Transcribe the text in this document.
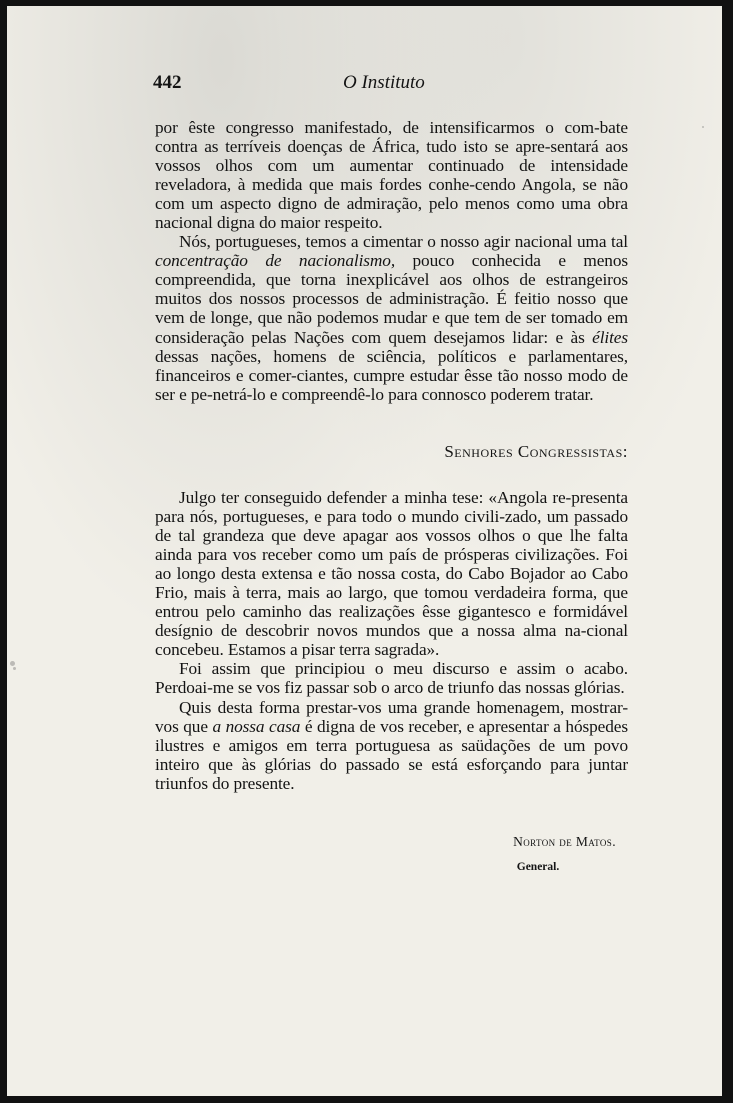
442	O Instituto

por êste congresso manifestado, de intensificarmos o com-bate contra as terríveis doenças de África, tudo isto se apre-sentará aos vossos olhos com um aumentar continuado de intensidade reveladora, à medida que mais fordes conhe-cendo Angola, se não com um aspecto digno de admiração, pelo menos como uma obra nacional digna do maior respeito.

Nós, portugueses, temos a cimentar o nosso agir nacional uma tal concentração de nacionalismo, pouco conhecida e menos compreendida, que torna inexplicável aos olhos de estrangeiros muitos dos nossos processos de administração. É feitio nosso que vem de longe, que não podemos mudar e que tem de ser tomado em consideração pelas Nações com quem desejamos lidar: e às élites dessas nações, homens de sciência, políticos e parlamentares, financeiros e comer-ciantes, cumpre estudar êsse tão nosso modo de ser e pe-netrá-lo e compreendê-lo para connosco poderem tratar.

Senhores Congressistas:

Julgo ter conseguido defender a minha tese: «Angola re-presenta para nós, portugueses, e para todo o mundo civili-zado, um passado de tal grandeza que deve apagar aos vossos olhos o que lhe falta ainda para vos receber como um país de prósperas civilizações. Foi ao longo desta extensa e tão nossa costa, do Cabo Bojador ao Cabo Frio, mais à terra, mais ao largo, que tomou verdadeira forma, que entrou pelo caminho das realizações êsse gigantesco e formidável desígnio de descobrir novos mundos que a nossa alma na-cional concebeu. Estamos a pisar terra sagrada».

Foi assim que principiou o meu discurso e assim o acabo. Perdoai-me se vos fiz passar sob o arco de triunfo das nossas glórias.

Quis desta forma prestar-vos uma grande homenagem, mostrar-vos que a nossa casa é digna de vos receber, e apresentar a hóspedes ilustres e amigos em terra portuguesa as saüdações de um povo inteiro que às glórias do passado se está esforçando para juntar triunfos do presente.

Norton de Matos.
General.
